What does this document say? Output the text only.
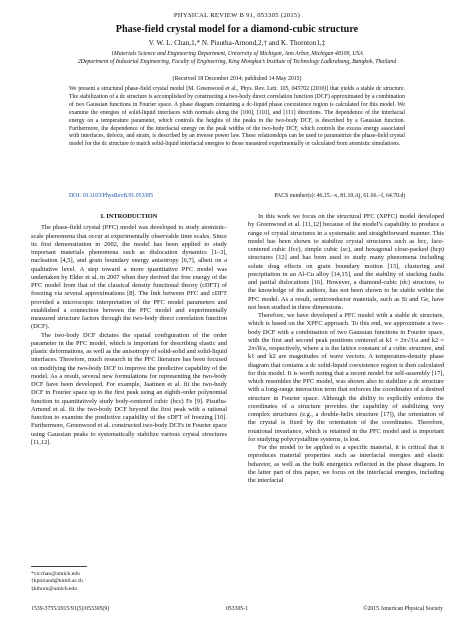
PHYSICAL REVIEW B 91, 053305 (2015)
Phase-field crystal model for a diamond-cubic structure
V. W. L. Chan,1,* N. Pisutha-Arnond,2,† and K. Thornton1,‡
1Materials Science and Engineering Department, University of Michigan, Ann Arbor, Michigan 48109, USA
2Department of Industrial Engineering, Faculty of Engineering, King Mongkut’s Institute of Technology Ladkrabang, Bangkok, Thailand
(Received 18 December 2014; published 14 May 2015)
We present a structural phase-field crystal model [M. Greenwood et al., Phys. Rev. Lett. 105, 045702 (2010)] that yields a stable dc structure. The stabilization of a dc structure is accomplished by constructing a two-body direct correlation function (DCF) approximated by a combination of two Gaussian functions in Fourier space. A phase diagram containing a dc-liquid phase coexistence region is calculated for this model. We examine the energies of solid-liquid interfaces with normals along the [100], [110], and [111] directions. The dependence of the interfacial energy on a temperature parameter, which controls the heights of the peaks in the two-body DCF, is described by a Gaussian function. Furthermore, the dependence of the interfacial energy on the peak widths of the two-body DCF, which controls the excess energy associated with interfaces, defects, and strain, is described by an inverse power law. These relationships can be used to parametrize the phase-field crystal model for the dc structure to match solid-liquid interfacial energies to those measured experimentally or calculated from atomistic simulations.
DOI: 10.1103/PhysRevB.91.053305	PACS number(s): 46.15.−x, 81.10.Aj, 61.66.−f, 64.70.dj
I. INTRODUCTION

The phase-field crystal (PFC) model was developed to study atomistic-scale phenomena that occur at experimentally observable time scales. Since its first demonstration in 2002, the model has been applied to study important materials phenomena such as dislocation dynamics [1–3], nucleation [4,5], and grain boundary energy anisotropy [6,7], albeit on a qualitative level. A step toward a more quantitative PFC model was undertaken by Elder et al. in 2007 when they derived the free energy of the PFC model from that of the classical density functional theory (cDFT) of freezing via several approximations [8]. The link between PFC and cDFT provided a microscopic interpretation of the PFC model parameters and established a connection between the PFC model and experimentally measured structure factors through the two-body direct correlation function (DCF).

The two-body DCF dictates the spatial configuration of the order parameter in the PFC model, which is important for describing elastic and plastic deformations, as well as the anisotropy of solid-solid and solid-liquid interfaces. Therefore, much research in the PFC literature has been focused on modifying the two-body DCF to improve the predictive capability of the model. As a result, several new formulations for representing the two-body DCF have been developed. For example, Jaatinen et al. fit the two-body DCF in Fourier space up to the first peak using an eighth-order polynomial function to quantitatively study body-centered cubic (bcc) Fe [9]. Pisutha-Arnond et al. fit the two-body DCF beyond the first peak with a rational function to examine the predictive capability of the cDFT of freezing [10]. Furthermore, Greenwood et al. constructed two-body DCFs in Fourier space using Gaussian peaks to systematically stabilize various crystal structures [11,12].

In this work we focus on the structural PFC (XPFC) model developed by Greenwood et al. [11,12] because of the model’s capability to produce a range of crystal structures in a systematic and straightforward manner. This model has been shown to stabilize crystal structures such as bcc, face-centered cubic (fcc), simple cubic (sc), and hexagonal close-packed (hcp) structures [12] and has been used to study many phenomena including solute drag effects on grain boundary motion [13], clustering and precipitation in an Al-Cu alloy [14,15], and the stability of stacking faults and partial dislocations [16]. However, a diamond-cubic (dc) structure, to the knowledge of the authors, has not been shown to be stable within the PFC model. As a result, semiconductor materials, such as Si and Ge, have not been studied in three dimensions.

Therefore, we have developed a PFC model with a stable dc structure, which is based on the XPFC approach. To this end, we approximate a two-body DCF with a combination of two Gaussian functions in Fourier space, with the first and second peak positions centered at k1 = 2π√3/a and k2 = 2π√8/a, respectively, where a is the lattice constant of a cubic structure, and k1 and k2 are magnitudes of wave vectors. A temperature-density phase diagram that contains a dc solid-liquid coexistence region is then calculated for this model. It is worth noting that a recent model for self-assembly [17], which resembles the PFC model, was shown also to stabilize a dc structure with a long-range interaction term that enforces the coordinates of a desired structure in Fourier space. Although the ability to explicitly enforce the coordinates of a structure provides the capability of stabilizing very complex structures (e.g., a double-helix structure [17]), the orientation of the crystal is fixed by the orientation of the coordinates. Therefore, rotational invariance, which is retained in the PFC model and is important for studying polycrystalline systems, is lost.

For the model to be applied to a specific material, it is critical that it reproduces material properties such as interfacial energies and elastic behavior, as well as the bulk energetics reflected in the phase diagram. In the latter part of this paper, we focus on the interfacial energies, including the interfacial

*vicchan@umich.edu
†kpnirand@kmitl.ac.th
‡kthorn@umich.edu
1539-3755/2015/91(5)/053305(9)	053305-1	©2015 American Physical Society
